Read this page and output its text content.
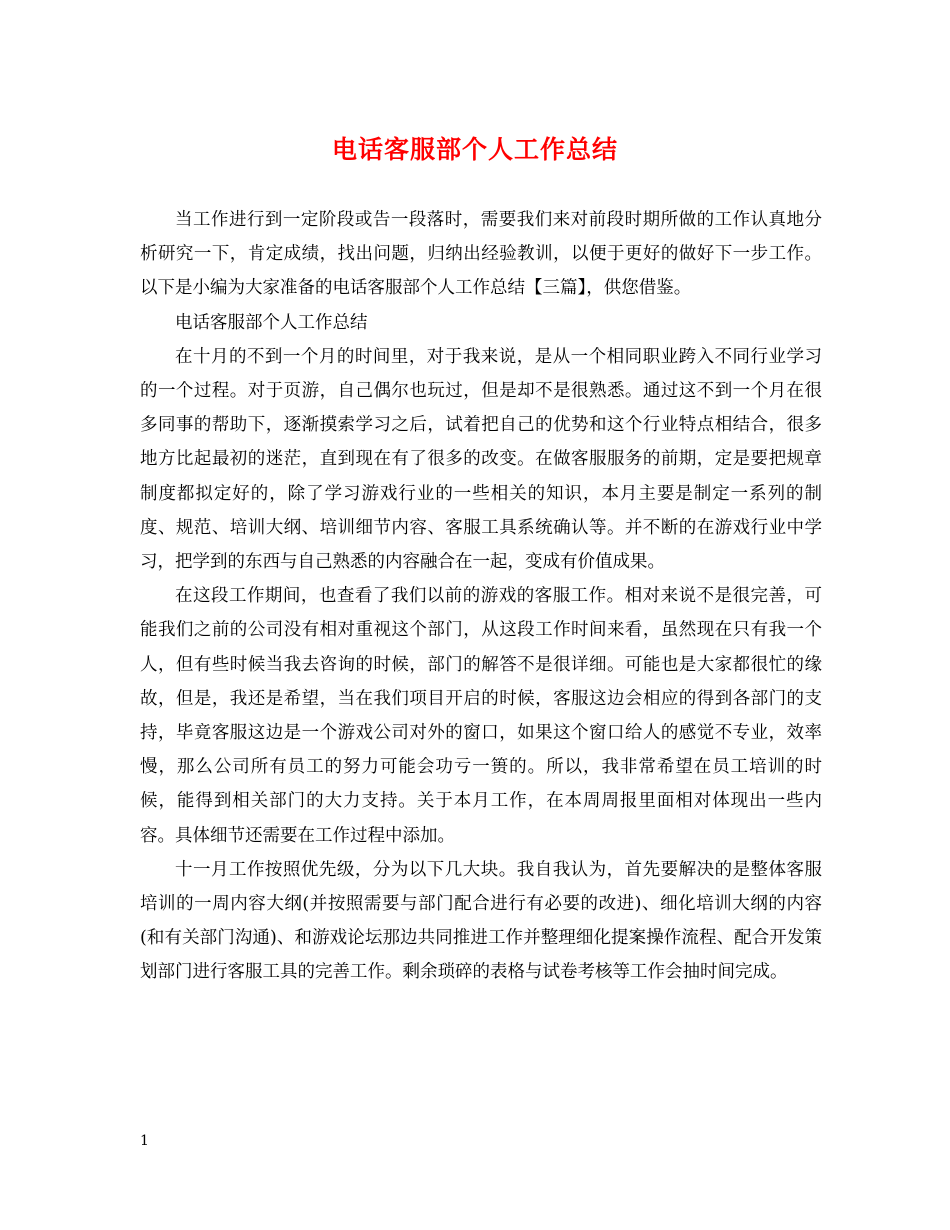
电话客服部个人工作总结

当工作进行到一定阶段或告一段落时，需要我们来对前段时期所做的工作认真地分析研究一下，肯定成绩，找出问题，归纳出经验教训，以便于更好的做好下一步工作。以下是小编为大家准备的电话客服部个人工作总结【三篇】，供您借鉴。

电话客服部个人工作总结

在十月的不到一个月的时间里，对于我来说，是从一个相同职业跨入不同行业学习的一个过程。对于页游，自己偶尔也玩过，但是却不是很熟悉。通过这不到一个月在很多同事的帮助下，逐渐摸索学习之后，试着把自己的优势和这个行业特点相结合，很多地方比起最初的迷茫，直到现在有了很多的改变。在做客服服务的前期，定是要把规章制度都拟定好的，除了学习游戏行业的一些相关的知识，本月主要是制定一系列的制度、规范、培训大纲、培训细节内容、客服工具系统确认等。并不断的在游戏行业中学习，把学到的东西与自己熟悉的内容融合在一起，变成有价值成果。

在这段工作期间，也查看了我们以前的游戏的客服工作。相对来说不是很完善，可能我们之前的公司没有相对重视这个部门，从这段工作时间来看，虽然现在只有我一个人，但有些时候当我去咨询的时候，部门的解答不是很详细。可能也是大家都很忙的缘故，但是，我还是希望，当在我们项目开启的时候，客服这边会相应的得到各部门的支持，毕竟客服这边是一个游戏公司对外的窗口，如果这个窗口给人的感觉不专业，效率慢，那么公司所有员工的努力可能会功亏一篑的。所以，我非常希望在员工培训的时候，能得到相关部门的大力支持。关于本月工作，在本周周报里面相对体现出一些内容。具体细节还需要在工作过程中添加。

十一月工作按照优先级，分为以下几大块。我自我认为，首先要解决的是整体客服培训的一周内容大纲(并按照需要与部门配合进行有必要的改进)、细化培训大纲的内容(和有关部门沟通)、和游戏论坛那边共同推进工作并整理细化提案操作流程、配合开发策划部门进行客服工具的完善工作。剩余琐碎的表格与试卷考核等工作会抽时间完成。

1
